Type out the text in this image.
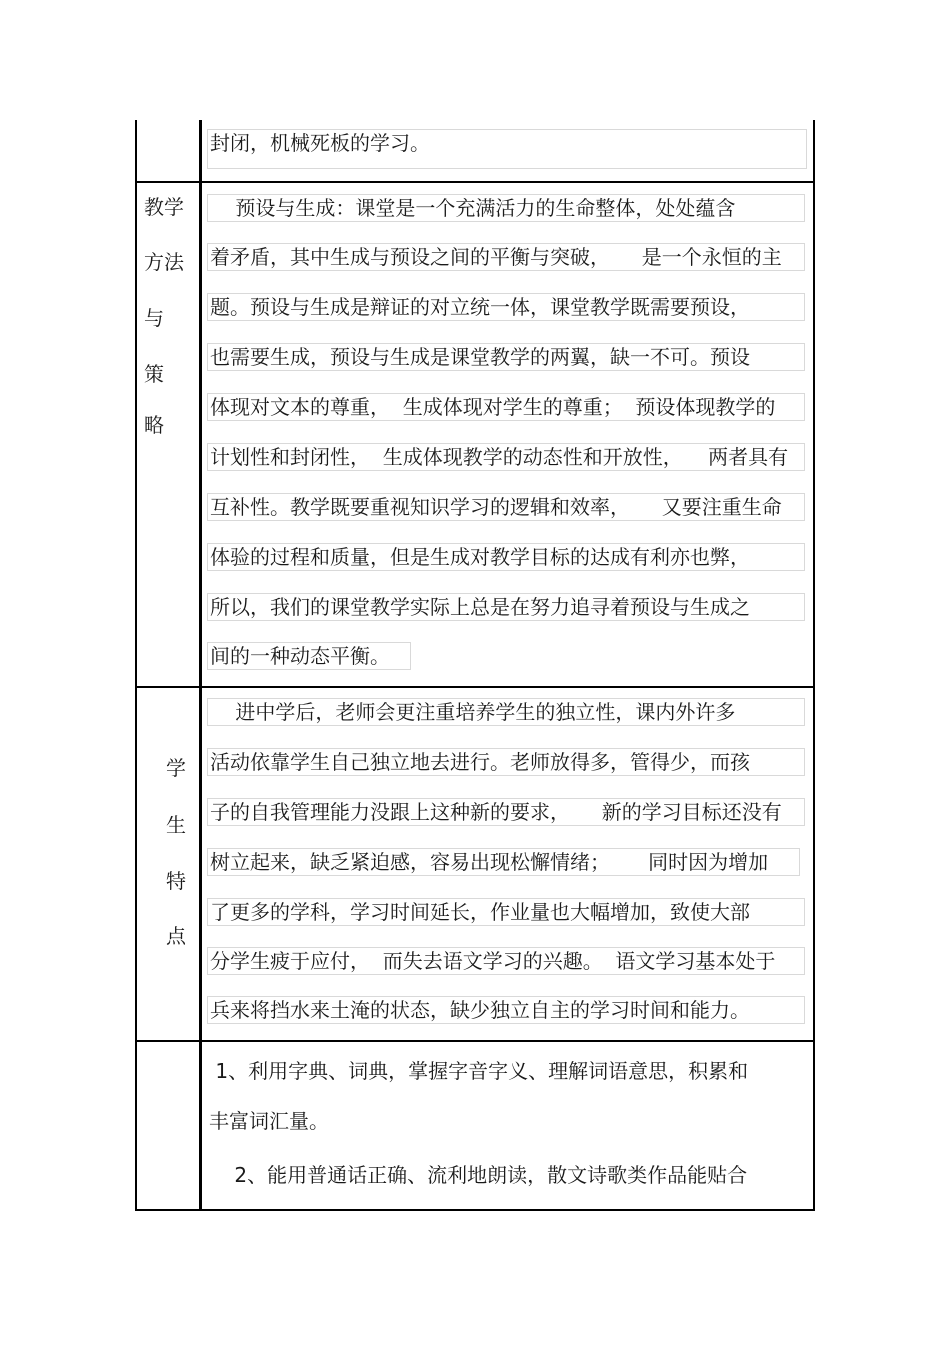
封闭，机械死板的学习。
教学
方法
与
策
略
预设与生成：课堂是一个充满活力的生命整体，处处蕴含
着矛盾，其中生成与预设之间的平衡与突破，     是一个永恒的主
题。预设与生成是辩证的对立统一体，课堂教学既需要预设，
也需要生成，预设与生成是课堂教学的两翼，缺一不可。预设
体现对文本的尊重，  生成体现对学生的尊重；  预设体现教学的
计划性和封闭性，  生成体现教学的动态性和开放性，    两者具有
互补性。教学既要重视知识学习的逻辑和效率，     又要注重生命
体验的过程和质量，但是生成对教学目标的达成有利亦也弊，
所以，我们的课堂教学实际上总是在努力追寻着预设与生成之
间的一种动态平衡。
学
生
特
点
进中学后，老师会更注重培养学生的独立性，课内外许多
活动依靠学生自己独立地去进行。老师放得多，管得少，而孩
子的自我管理能力没跟上这种新的要求，     新的学习目标还没有
树立起来，缺乏紧迫感，容易出现松懈情绪；      同时因为增加
了更多的学科，学习时间延长，作业量也大幅增加，致使大部
分学生疲于应付，  而失去语文学习的兴趣。  语文学习基本处于
兵来将挡水来土淹的状态，缺少独立自主的学习时间和能力。
1、利用字典、词典，掌握字音字义、理解词语意思，积累和
丰富词汇量。
2、能用普通话正确、流利地朗读，散文诗歌类作品能贴合
